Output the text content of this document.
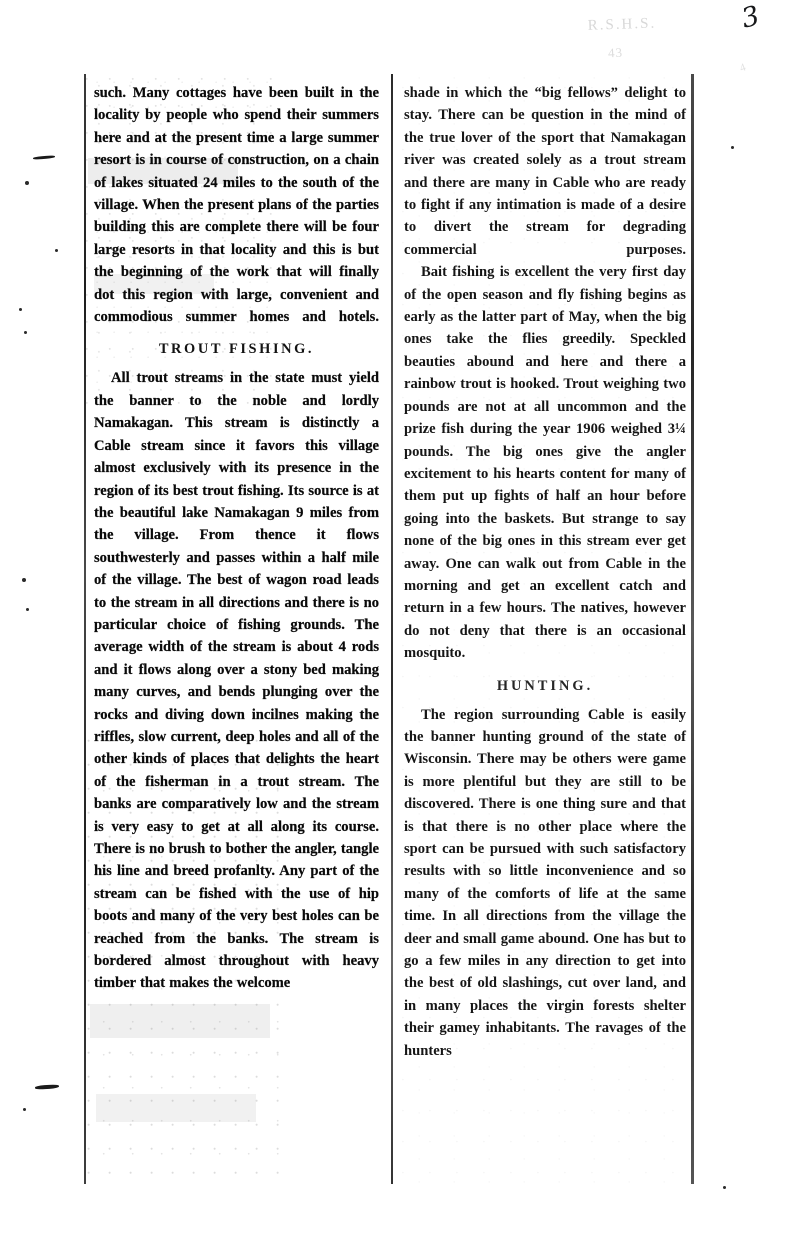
3
R.S.H.S.
43
4

such. Many cottages have been built in the locality by people who spend their summers here and at the present time a large summer resort is in course of construction, on a chain of lakes situated 24 miles to the south of the village. When the present plans of the parties building this are complete there will be four large resorts in that locality and this is but the beginning of the work that will finally dot this region with large, convenient and commodious summer homes and hotels.

TROUT FISHING.

All trout streams in the state must yield the banner to the noble and lordly Namakagan. This stream is distinctly a Cable stream since it favors this village almost exclusively with its presence in the region of its best trout fishing. Its source is at the beautiful lake Namakagan 9 miles from the village. From thence it flows southwesterly and passes within a half mile of the village. The best of wagon road leads to the stream in all directions and there is no particular choice of fishing grounds. The average width of the stream is about 4 rods and it flows along over a stony bed making many curves, and bends plunging over the rocks and diving down incilnes making the riffles, slow current, deep holes and all of the other kinds of places that delights the heart of the fisherman in a trout stream. The banks are comparatively low and the stream is very easy to get at all along its course. There is no brush to bother the angler, tangle his line and breed profanlty. Any part of the stream can be fished with the use of hip boots and many of the very best holes can be reached from the banks. The stream is bordered almost throughout with heavy timber that makes the welcome

shade in which the “big fellows” delight to stay. There can be question in the mind of the true lover of the sport that Namakagan river was created solely as a trout stream and there are many in Cable who are ready to fight if any intimation is made of a desire to divert the stream for degrading commercial purposes.

Bait fishing is excellent the very first day of the open season and fly fishing begins as early as the latter part of May, when the big ones take the flies greedily. Speckled beauties abound and here and there a rainbow trout is hooked. Trout weighing two pounds are not at all uncommon and the prize fish during the year 1906 weighed 3¼ pounds. The big ones give the angler excitement to his hearts content for many of them put up fights of half an hour before going into the baskets. But strange to say none of the big ones in this stream ever get away. One can walk out from Cable in the morning and get an excellent catch and return in a few hours. The natives, however do not deny that there is an occasional mosquito.

HUNTING.

The region surrounding Cable is easily the banner hunting ground of the state of Wisconsin. There may be others were game is more plentiful but they are still to be discovered. There is one thing sure and that is that there is no other place where the sport can be pursued with such satisfactory results with so little inconvenience and so many of the comforts of life at the same time. In all directions from the village the deer and small game abound. One has but to go a few miles in any direction to get into the best of old slashings, cut over land, and in many places the virgin forests shelter their gamey inhabitants. The ravages of the hunters
